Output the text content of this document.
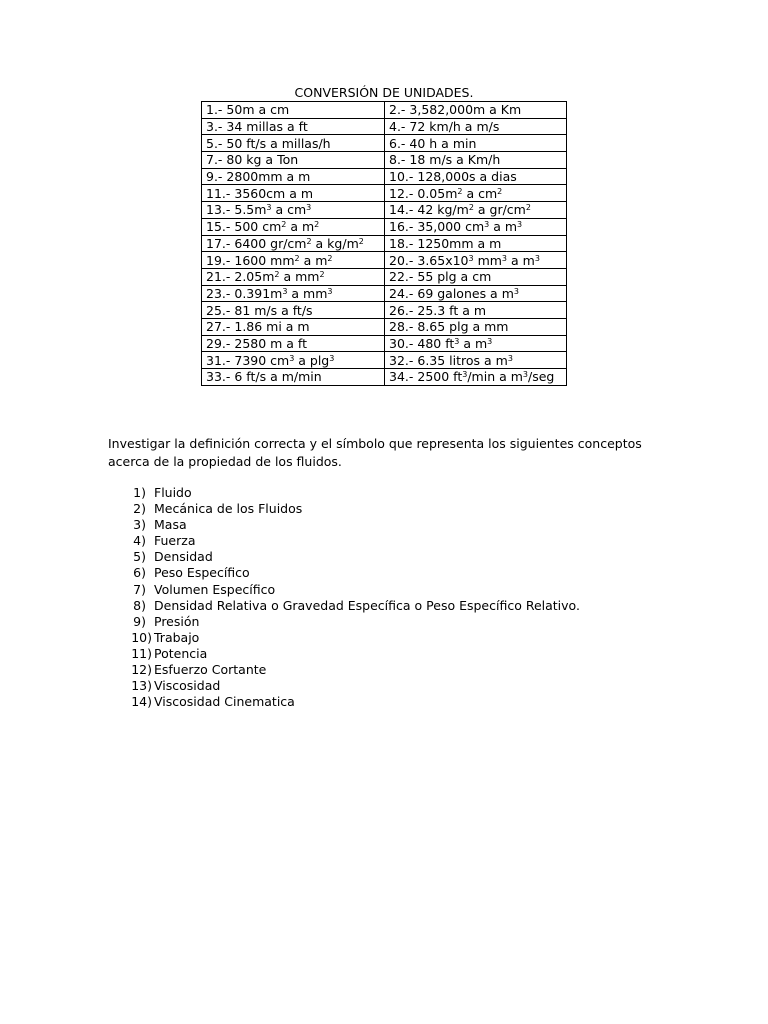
CONVERSIÓN DE UNIDADES.
1.- 50m a cm	2.- 3,582,000m a Km
3.- 34 millas a ft	4.- 72 km/h a m/s
5.- 50 ft/s a millas/h	6.- 40 h a min
7.- 80 kg a Ton	8.- 18 m/s a Km/h
9.- 2800mm a m	10.- 128,000s a dias
11.- 3560cm a m	12.- $0.05m^2$ a $cm^2$
13.- $5.5m^3$ a $cm^3$	14.- 42 $kg/m^2$ a $gr/cm^2$
15.- 500 $cm^2$ a $m^2$	16.- 35,000 $cm^3$ a $m^3$
17.- 6400 $gr/cm^2$ a $kg/m^2$	18.- 1250mm a m
19.- 1600 $mm^2$ a $m^2$	20.- $3.65x10^3$ $mm^3$ a $m^3$
21.- $2.05m^2$ a $mm^2$	22.- 55 plg a cm
23.- $0.391m^3$ a $mm^3$	24.- 69 galones a $m^3$
25.- 81 m/s a ft/s	26.- 25.3 ft a m
27.- 1.86 mi a m	28.- 8.65 plg a mm
29.- 2580 m a ft	30.- 480 $ft^3$ a $m^3$
31.- 7390 $cm^3$ a plg$^3$	32.- 6.35 litros a $m^3$
33.- 6 ft/s a m/min	34.- 2500 $ft^3/\min$ a $m^3$/seg
Investigar la definición correcta y el símbolo que representa los siguientes conceptos acerca de la propiedad de los fluidos.
1) Fluido
2) Mecánica de los Fluidos
3) Masa
4) Fuerza
5) Densidad
6) Peso Específico
7) Volumen Específico
8) Densidad Relativa o Gravedad Específica o Peso Específico Relativo.
9) Presión
10) Trabajo
11) Potencia
12) Esfuerzo Cortante
13) Viscosidad
14) Viscosidad Cinematica
